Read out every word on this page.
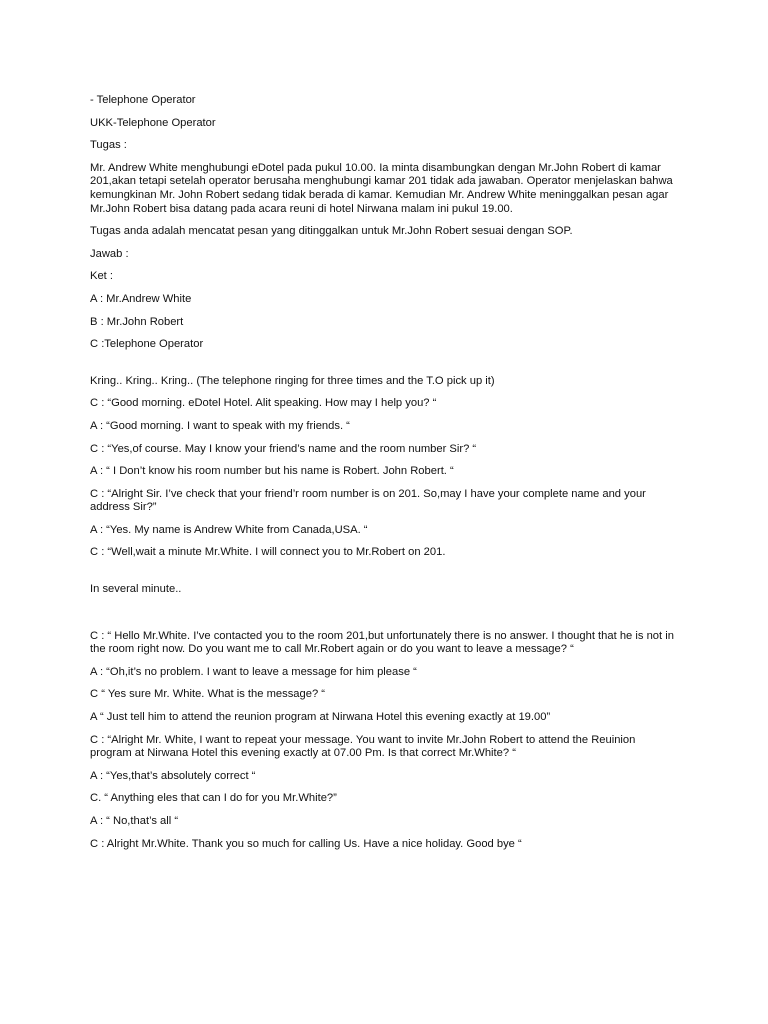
- Telephone Operator

UKK-Telephone Operator

Tugas :

Mr. Andrew White menghubungi eDotel pada pukul 10.00. Ia minta disambungkan dengan Mr.John Robert di kamar 201,akan tetapi setelah operator berusaha menghubungi kamar 201 tidak ada jawaban. Operator menjelaskan bahwa kemungkinan Mr. John Robert sedang tidak berada di kamar. Kemudian Mr. Andrew White meninggalkan pesan agar Mr.John Robert bisa datang pada acara reuni di hotel Nirwana malam ini pukul 19.00.

Tugas anda adalah mencatat pesan yang ditinggalkan untuk Mr.John Robert sesuai dengan SOP.

Jawab :

Ket :

A : Mr.Andrew White

B : Mr.John Robert

C :Telephone Operator

Kring.. Kring.. Kring.. (The telephone ringing for three times and the T.O pick up it)

C : “Good morning. eDotel Hotel. Alit speaking. How may I help you? “

A : “Good morning. I want to speak with my friends. “

C : “Yes,of course. May I know your friend’s name and the room number Sir? “

A : “ I Don’t know his room number but his name is Robert. John Robert. “

C : “Alright Sir. I’ve check that your friend’r room number is on 201. So,may I have your complete name and your address Sir?”

A : “Yes. My name is Andrew White from Canada,USA. “

C : “Well,wait a minute Mr.White. I will connect you to Mr.Robert on 201.

In several minute..

C : “ Hello Mr.White. I’ve contacted you to the room 201,but unfortunately there is no answer. I thought that he is not in the room right now. Do you want me to call Mr.Robert again or do you want to leave a message? “

A : “Oh,it’s no problem. I want to leave a message for him please “

C “ Yes sure Mr. White. What is the message? “

A “ Just tell him to attend the reunion program at Nirwana Hotel this evening exactly at 19.00”

C : “Alright Mr. White, I want to repeat your message. You want to invite Mr.John Robert to attend the Reuinion program at Nirwana Hotel this evening exactly at 07.00 Pm. Is that correct Mr.White? “

A : “Yes,that’s absolutely correct “

C. “ Anything eles that can I do for you Mr.White?”

A : “ No,that’s all “

C : Alright Mr.White. Thank you so much for calling Us. Have a nice holiday. Good bye “
